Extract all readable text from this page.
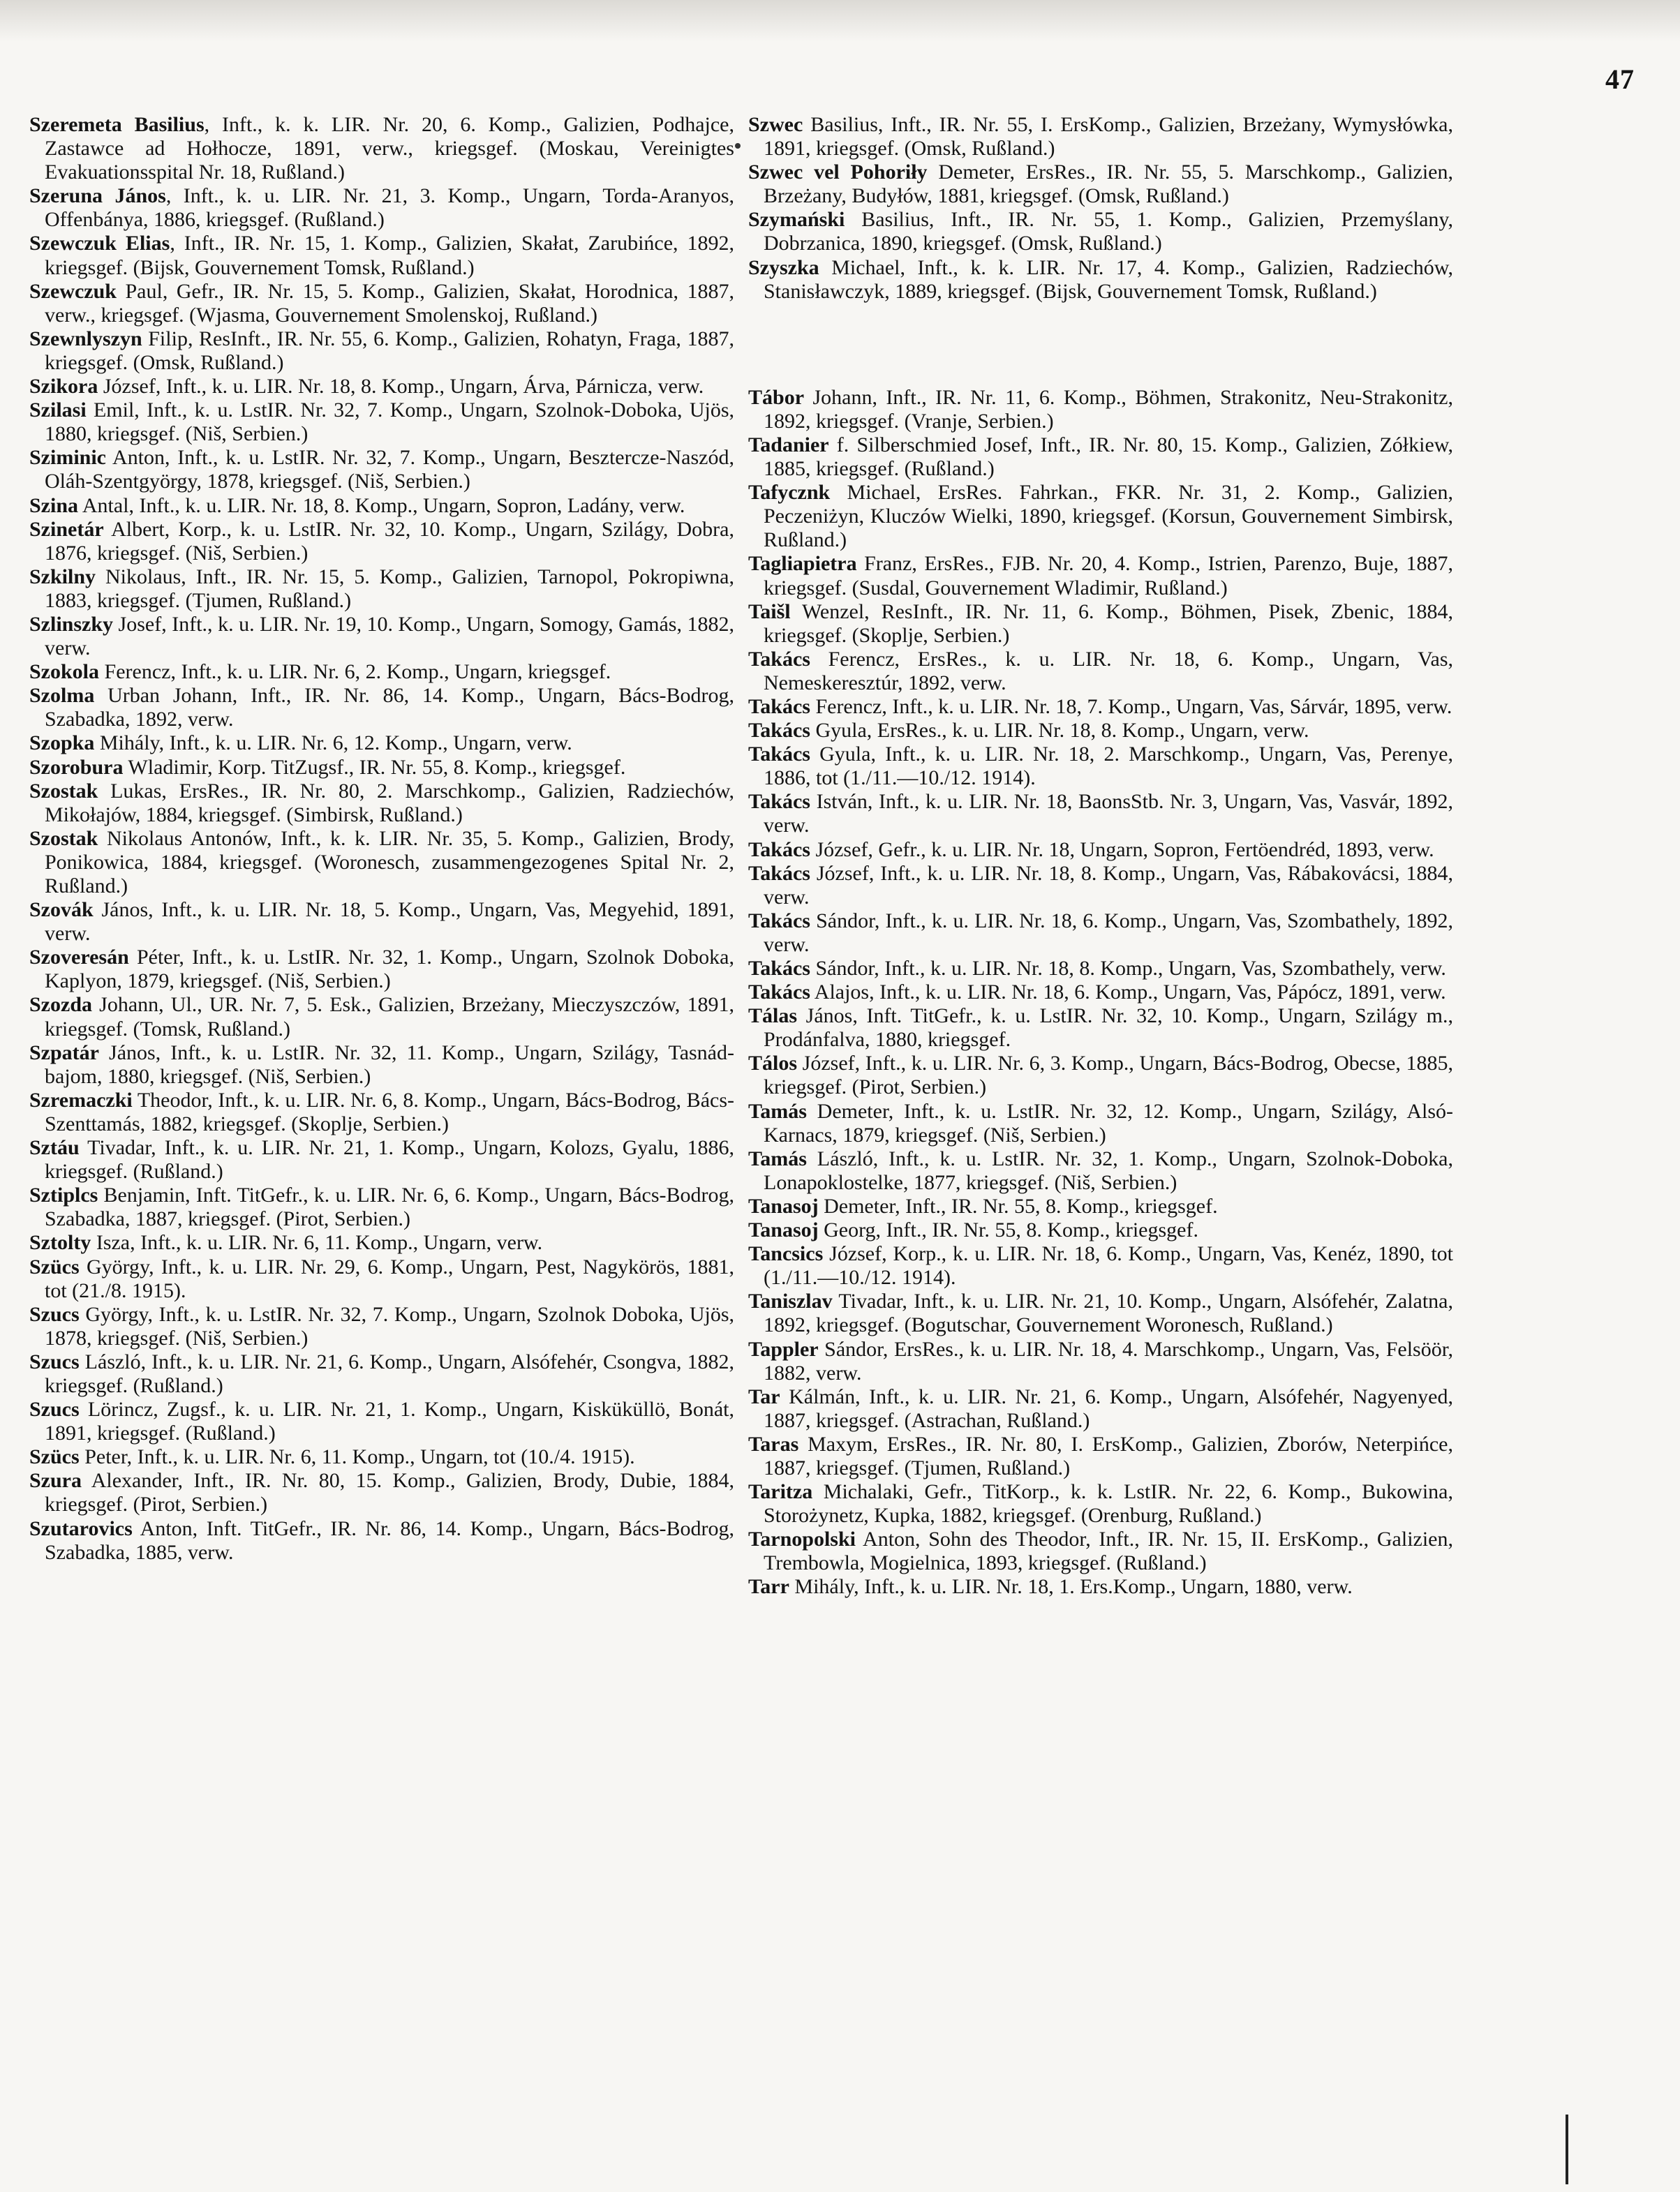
47

Szeremeta Basilius, Inft., k. k. LIR. Nr. 20, 6. Komp., Galizien, Podhajce, Zastawce ad Hołhocze, 1891, verw., kriegsgef. (Moskau, Vereinigtes Evakuationsspital Nr. 18, Rußland.)

Szeruna János, Inft., k. u. LIR. Nr. 21, 3. Komp., Ungarn, Torda-Aranyos, Offenbánya, 1886, kriegsgef. (Rußland.)

Szewczuk Elias, Inft., IR. Nr. 15, 1. Komp., Galizien, Skałat, Zarubińce, 1892, kriegsgef. (Bijsk, Gouvernement Tomsk, Rußland.)

Szewczuk Paul, Gefr., IR. Nr. 15, 5. Komp., Galizien, Skałat, Horodnica, 1887, verw., kriegsgef. (Wjasma, Gouvernement Smolenskoj, Rußland.)

Szewnlyszyn Filip, ResInft., IR. Nr. 55, 6. Komp., Galizien, Rohatyn, Fraga, 1887, kriegsgef. (Omsk, Rußland.)

Szikora József, Inft., k. u. LIR. Nr. 18, 8. Komp., Ungarn, Árva, Párnicza, verw.

Szilasi Emil, Inft., k. u. LstIR. Nr. 32, 7. Komp., Ungarn, Szolnok-Doboka, Ujös, 1880, kriegsgef. (Niš, Serbien.)

Sziminic Anton, Inft., k. u. LstIR. Nr. 32, 7. Komp., Ungarn, Besztercze-Naszód, Oláh-Szentgyörgy, 1878, kriegsgef. (Niš, Serbien.)

Szina Antal, Inft., k. u. LIR. Nr. 18, 8. Komp., Ungarn, Sopron, Ladány, verw.

Szinetár Albert, Korp., k. u. LstIR. Nr. 32, 10. Komp., Ungarn, Szilágy, Dobra, 1876, kriegsgef. (Niš, Serbien.)

Szkilny Nikolaus, Inft., IR. Nr. 15, 5. Komp., Galizien, Tarnopol, Pokropiwna, 1883, kriegsgef. (Tjumen, Rußland.)

Szlinszky Josef, Inft., k. u. LIR. Nr. 19, 10. Komp., Ungarn, Somogy, Gamás, 1882, verw.

Szokola Ferencz, Inft., k. u. LIR. Nr. 6, 2. Komp., Ungarn, kriegsgef.

Szolma Urban Johann, Inft., IR. Nr. 86, 14. Komp., Ungarn, Bács-Bodrog, Szabadka, 1892, verw.

Szopka Mihály, Inft., k. u. LIR. Nr. 6, 12. Komp., Ungarn, verw.

Szorobura Wladimir, Korp. TitZugsf., IR. Nr. 55, 8. Komp., kriegsgef.

Szostak Lukas, ErsRes., IR. Nr. 80, 2. Marschkomp., Galizien, Radziechów, Mikołajów, 1884, kriegsgef. (Simbirsk, Rußland.)

Szostak Nikolaus Antonów, Inft., k. k. LIR. Nr. 35, 5. Komp., Galizien, Brody, Ponikowica, 1884, kriegsgef. (Woronesch, zusammengezogenes Spital Nr. 2, Rußland.)

Szovák János, Inft., k. u. LIR. Nr. 18, 5. Komp., Ungarn, Vas, Megyehid, 1891, verw.

Szoveresán Péter, Inft., k. u. LstIR. Nr. 32, 1. Komp., Ungarn, Szolnok Doboka, Kaplyon, 1879, kriegsgef. (Niš, Serbien.)

Szozda Johann, Ul., UR. Nr. 7, 5. Esk., Galizien, Brzeżany, Mieczyszczów, 1891, kriegsgef. (Tomsk, Rußland.)

Szpatár János, Inft., k. u. LstIR. Nr. 32, 11. Komp., Ungarn, Szilágy, Tasnád-bajom, 1880, kriegsgef. (Niš, Serbien.)

Szremaczki Theodor, Inft., k. u. LIR. Nr. 6, 8. Komp., Ungarn, Bács-Bodrog, Bács-Szenttamás, 1882, kriegsgef. (Skoplje, Serbien.)

Sztáu Tivadar, Inft., k. u. LIR. Nr. 21, 1. Komp., Ungarn, Kolozs, Gyalu, 1886, kriegsgef. (Rußland.)

Sztiplcs Benjamin, Inft. TitGefr., k. u. LIR. Nr. 6, 6. Komp., Ungarn, Bács-Bodrog, Szabadka, 1887, kriegsgef. (Pirot, Serbien.)

Sztolty Isza, Inft., k. u. LIR. Nr. 6, 11. Komp., Ungarn, verw.

Szücs György, Inft., k. u. LIR. Nr. 29, 6. Komp., Ungarn, Pest, Nagykörös, 1881, tot (21./8. 1915).

Szucs György, Inft., k. u. LstIR. Nr. 32, 7. Komp., Ungarn, Szolnok Doboka, Ujös, 1878, kriegsgef. (Niš, Serbien.)

Szucs László, Inft., k. u. LIR. Nr. 21, 6. Komp., Ungarn, Alsófehér, Csongva, 1882, kriegsgef. (Rußland.)

Szucs Lörincz, Zugsf., k. u. LIR. Nr. 21, 1. Komp., Ungarn, Kisküküllö, Bonát, 1891, kriegsgef. (Rußland.)

Szücs Peter, Inft., k. u. LIR. Nr. 6, 11. Komp., Ungarn, tot (10./4. 1915).

Szura Alexander, Inft., IR. Nr. 80, 15. Komp., Galizien, Brody, Dubie, 1884, kriegsgef. (Pirot, Serbien.)

Szutarovics Anton, Inft. TitGefr., IR. Nr. 86, 14. Komp., Ungarn, Bács-Bodrog, Szabadka, 1885, verw.

Szwec Basilius, Inft., IR. Nr. 55, I. ErsKomp., Galizien, Brzeżany, Wymysłówka, 1891, kriegsgef. (Omsk, Rußland.)

Szwec vel Pohoriły Demeter, ErsRes., IR. Nr. 55, 5. Marschkomp., Galizien, Brzeżany, Budyłów, 1881, kriegsgef. (Omsk, Rußland.)

Szymański Basilius, Inft., IR. Nr. 55, 1. Komp., Galizien, Przemyślany, Dobrzanica, 1890, kriegsgef. (Omsk, Rußland.)

Szyszka Michael, Inft., k. k. LIR. Nr. 17, 4. Komp., Galizien, Radziechów, Stanisławczyk, 1889, kriegsgef. (Bijsk, Gouvernement Tomsk, Rußland.)

Tábor Johann, Inft., IR. Nr. 11, 6. Komp., Böhmen, Strakonitz, Neu-Strakonitz, 1892, kriegsgef. (Vranje, Serbien.)

Tadanier f. Silberschmied Josef, Inft., IR. Nr. 80, 15. Komp., Galizien, Zółkiew, 1885, kriegsgef. (Rußland.)

Tafycznk Michael, ErsRes. Fahrkan., FKR. Nr. 31, 2. Komp., Galizien, Peczeniżyn, Kluczów Wielki, 1890, kriegsgef. (Korsun, Gouvernement Simbirsk, Rußland.)

Tagliapietra Franz, ErsRes., FJB. Nr. 20, 4. Komp., Istrien, Parenzo, Buje, 1887, kriegsgef. (Susdal, Gouvernement Wladimir, Rußland.)

Taišl Wenzel, ResInft., IR. Nr. 11, 6. Komp., Böhmen, Pisek, Zbenic, 1884, kriegsgef. (Skoplje, Serbien.)

Takács Ferencz, ErsRes., k. u. LIR. Nr. 18, 6. Komp., Ungarn, Vas, Nemeskeresztúr, 1892, verw.

Takács Ferencz, Inft., k. u. LIR. Nr. 18, 7. Komp., Ungarn, Vas, Sárvár, 1895, verw.

Takács Gyula, ErsRes., k. u. LIR. Nr. 18, 8. Komp., Ungarn, verw.

Takács Gyula, Inft., k. u. LIR. Nr. 18, 2. Marschkomp., Ungarn, Vas, Perenye, 1886, tot (1./11.—10./12. 1914).

Takács István, Inft., k. u. LIR. Nr. 18, BaonsStb. Nr. 3, Ungarn, Vas, Vasvár, 1892, verw.

Takács József, Gefr., k. u. LIR. Nr. 18, Ungarn, Sopron, Fertöendréd, 1893, verw.

Takács József, Inft., k. u. LIR. Nr. 18, 8. Komp., Ungarn, Vas, Rábakovácsi, 1884, verw.

Takács Sándor, Inft., k. u. LIR. Nr. 18, 6. Komp., Ungarn, Vas, Szombathely, 1892, verw.

Takács Sándor, Inft., k. u. LIR. Nr. 18, 8. Komp., Ungarn, Vas, Szombathely, verw.

Takács Alajos, Inft., k. u. LIR. Nr. 18, 6. Komp., Ungarn, Vas, Pápócz, 1891, verw.

Tálas János, Inft. TitGefr., k. u. LstIR. Nr. 32, 10. Komp., Ungarn, Szilágy m., Prodánfalva, 1880, kriegsgef.

Tálos József, Inft., k. u. LIR. Nr. 6, 3. Komp., Ungarn, Bács-Bodrog, Obecse, 1885, kriegsgef. (Pirot, Serbien.)

Tamás Demeter, Inft., k. u. LstIR. Nr. 32, 12. Komp., Ungarn, Szilágy, Alsó-Karnacs, 1879, kriegsgef. (Niš, Serbien.)

Tamás László, Inft., k. u. LstIR. Nr. 32, 1. Komp., Ungarn, Szolnok-Doboka, Lonapoklostelke, 1877, kriegsgef. (Niš, Serbien.)

Tanasoj Demeter, Inft., IR. Nr. 55, 8. Komp., kriegsgef.

Tanasoj Georg, Inft., IR. Nr. 55, 8. Komp., kriegsgef.

Tancsics József, Korp., k. u. LIR. Nr. 18, 6. Komp., Ungarn, Vas, Kenéz, 1890, tot (1./11.—10./12. 1914).

Taniszlav Tivadar, Inft., k. u. LIR. Nr. 21, 10. Komp., Ungarn, Alsófehér, Zalatna, 1892, kriegsgef. (Bogutschar, Gouvernement Woronesch, Rußland.)

Tappler Sándor, ErsRes., k. u. LIR. Nr. 18, 4. Marschkomp., Ungarn, Vas, Felsöör, 1882, verw.

Tar Kálmán, Inft., k. u. LIR. Nr. 21, 6. Komp., Ungarn, Alsófehér, Nagyenyed, 1887, kriegsgef. (Astrachan, Rußland.)

Taras Maxym, ErsRes., IR. Nr. 80, I. ErsKomp., Galizien, Zborów, Neterpińce, 1887, kriegsgef. (Tjumen, Rußland.)

Taritza Michalaki, Gefr., TitKorp., k. k. LstIR. Nr. 22, 6. Komp., Bukowina, Storożynetz, Kupka, 1882, kriegsgef. (Orenburg, Rußland.)

Tarnopolski Anton, Sohn des Theodor, Inft., IR. Nr. 15, II. ErsKomp., Galizien, Trembowla, Mogielnica, 1893, kriegsgef. (Rußland.)

Tarr Mihály, Inft., k. u. LIR. Nr. 18, 1. Ers.Komp., Ungarn, 1880, verw.
